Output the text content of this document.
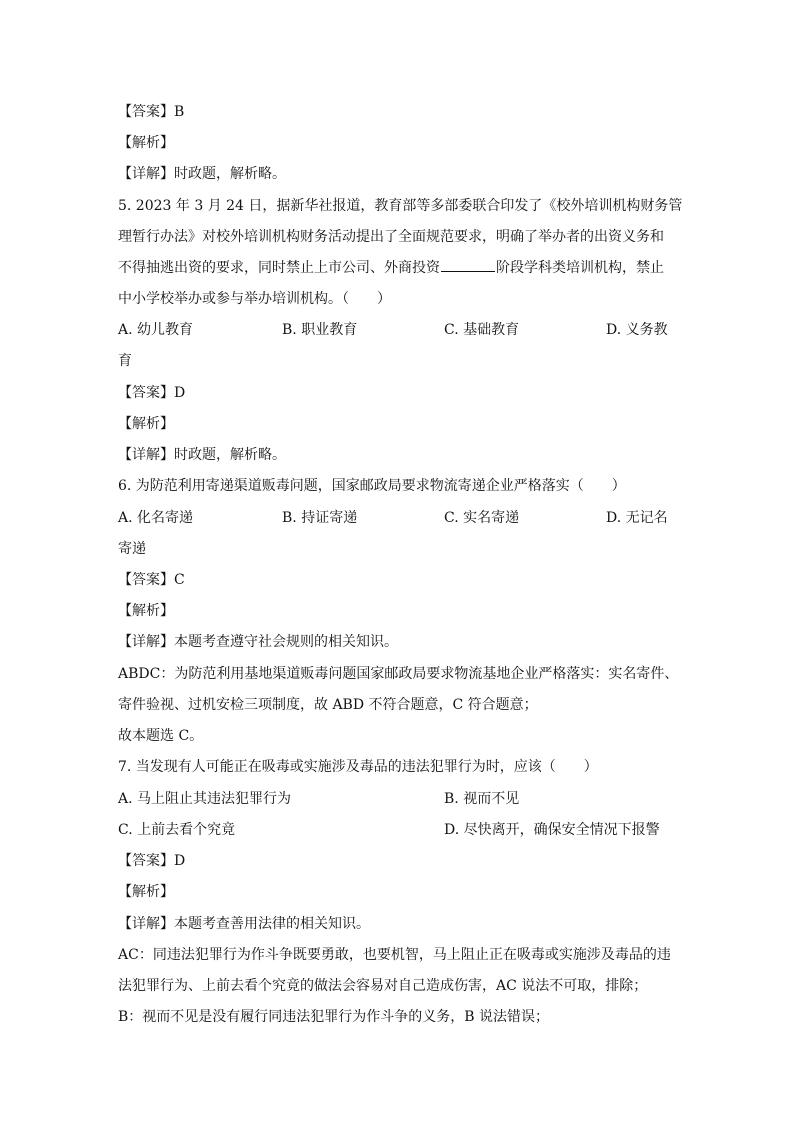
【答案】B
【解析】
【详解】时政题，解析略。
5. 2023 年 3 月 24 日，据新华社报道，教育部等多部委联合印发了《校外培训机构财务管
理暂行办法》对校外培训机构财务活动提出了全面规范要求，明确了举办者的出资义务和
不得抽逃出资的要求，同时禁止上市公司、外商投资	阶段学科类培训机构，禁止
中小学校举办或参与举办培训机构。（　　）
A. 幼儿教育	B. 职业教育	C. 基础教育	D. 义务教
育
【答案】D
【解析】
【详解】时政题，解析略。
6. 为防范利用寄递渠道贩毒问题，国家邮政局要求物流寄递企业严格落实（　　）
A. 化名寄递	B. 持证寄递	C. 实名寄递	D. 无记名
寄递
【答案】C
【解析】
【详解】本题考查遵守社会规则的相关知识。
ABDC：为防范利用基地渠道贩毒问题国家邮政局要求物流基地企业严格落实：实名寄件、
寄件验视、过机安检三项制度，故 ABD 不符合题意，C 符合题意；
故本题选 C。
7. 当发现有人可能正在吸毒或实施涉及毒品的违法犯罪行为时，应该（　　）
A. 马上阻止其违法犯罪行为	B. 视而不见
C. 上前去看个究竟	D. 尽快离开，确保安全情况下报警
【答案】D
【解析】
【详解】本题考查善用法律的相关知识。
AC：同违法犯罪行为作斗争既要勇敢，也要机智，马上阻止正在吸毒或实施涉及毒品的违
法犯罪行为、上前去看个究竟的做法会容易对自己造成伤害，AC 说法不可取，排除；
B：视而不见是没有履行同违法犯罪行为作斗争的义务，B 说法错误；
